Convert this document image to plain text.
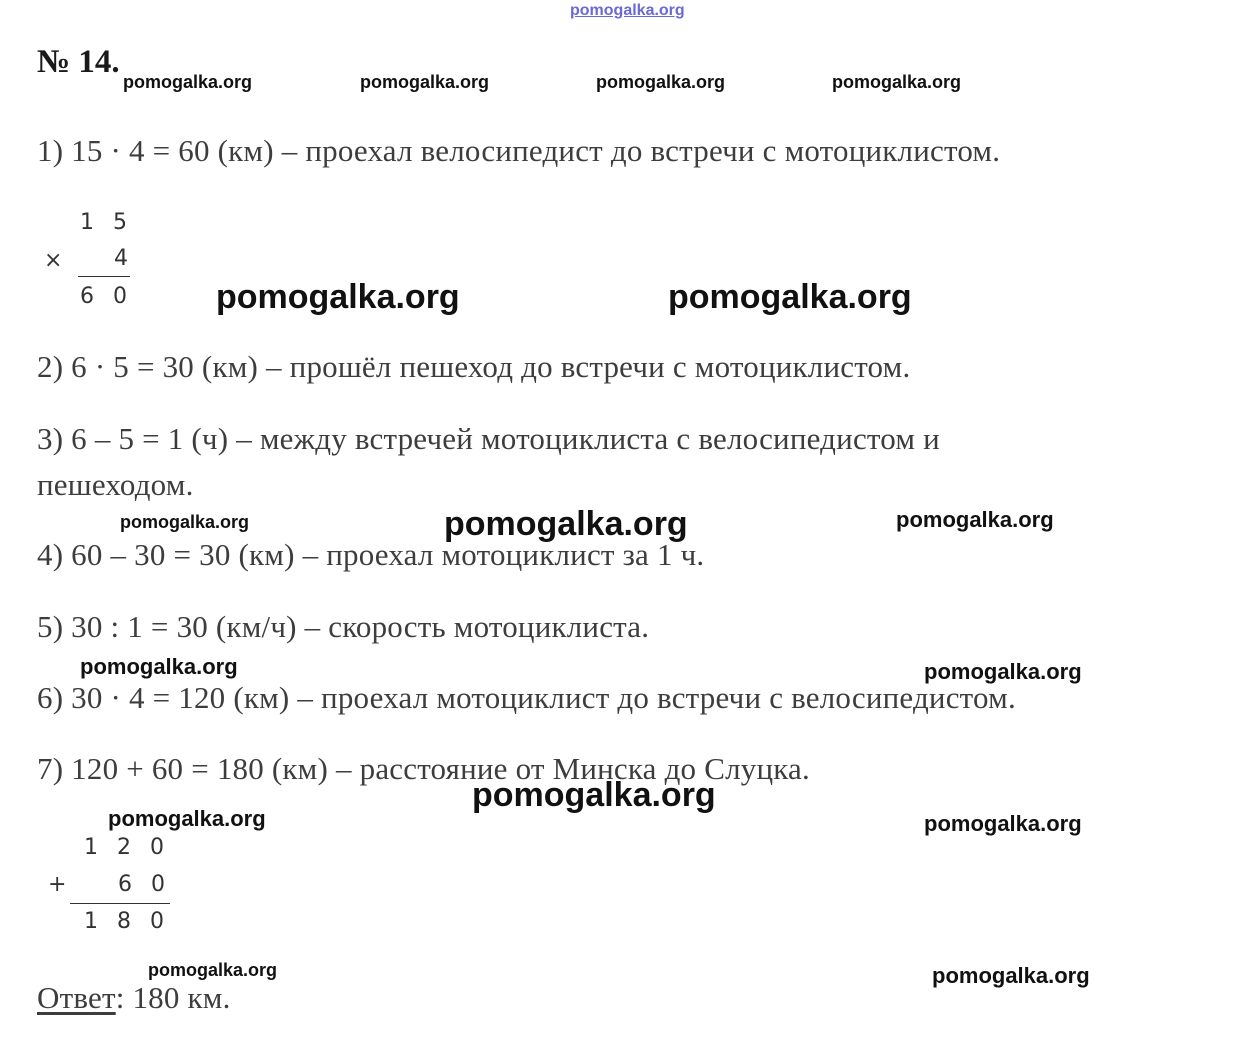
pomogalka.org
№ 14.
pomogalka.org	pomogalka.org	pomogalka.org	pomogalka.org
1) 15 · 4 = 60 (км) – проехал велосипедист до встречи с мотоциклистом.
1 5
× 4
6 0 pomogalka.org	pomogalka.org
2) 6 · 5 = 30 (км) – прошёл пешеход до встречи с мотоциклистом.
3) 6 – 5 = 1 (ч) – между встречей мотоциклиста с велосипедистом и
пешеходом.
pomogalka.org	pomogalka.org	pomogalka.org
4) 60 – 30 = 30 (км) – проехал мотоциклист за 1 ч.
5) 30 : 1 = 30 (км/ч) – скорость мотоциклиста.
pomogalka.org	pomogalka.org
6) 30 · 4 = 120 (км) – проехал мотоциклист до встречи с велосипедистом.
7) 120 + 60 = 180 (км) – расстояние от Минска до Слуцка.
pomogalka.org
pomogalka.org	pomogalka.org
1 2 0
+ 6 0
1 8 0
pomogalka.org	pomogalka.org
Ответ: 180 км.
